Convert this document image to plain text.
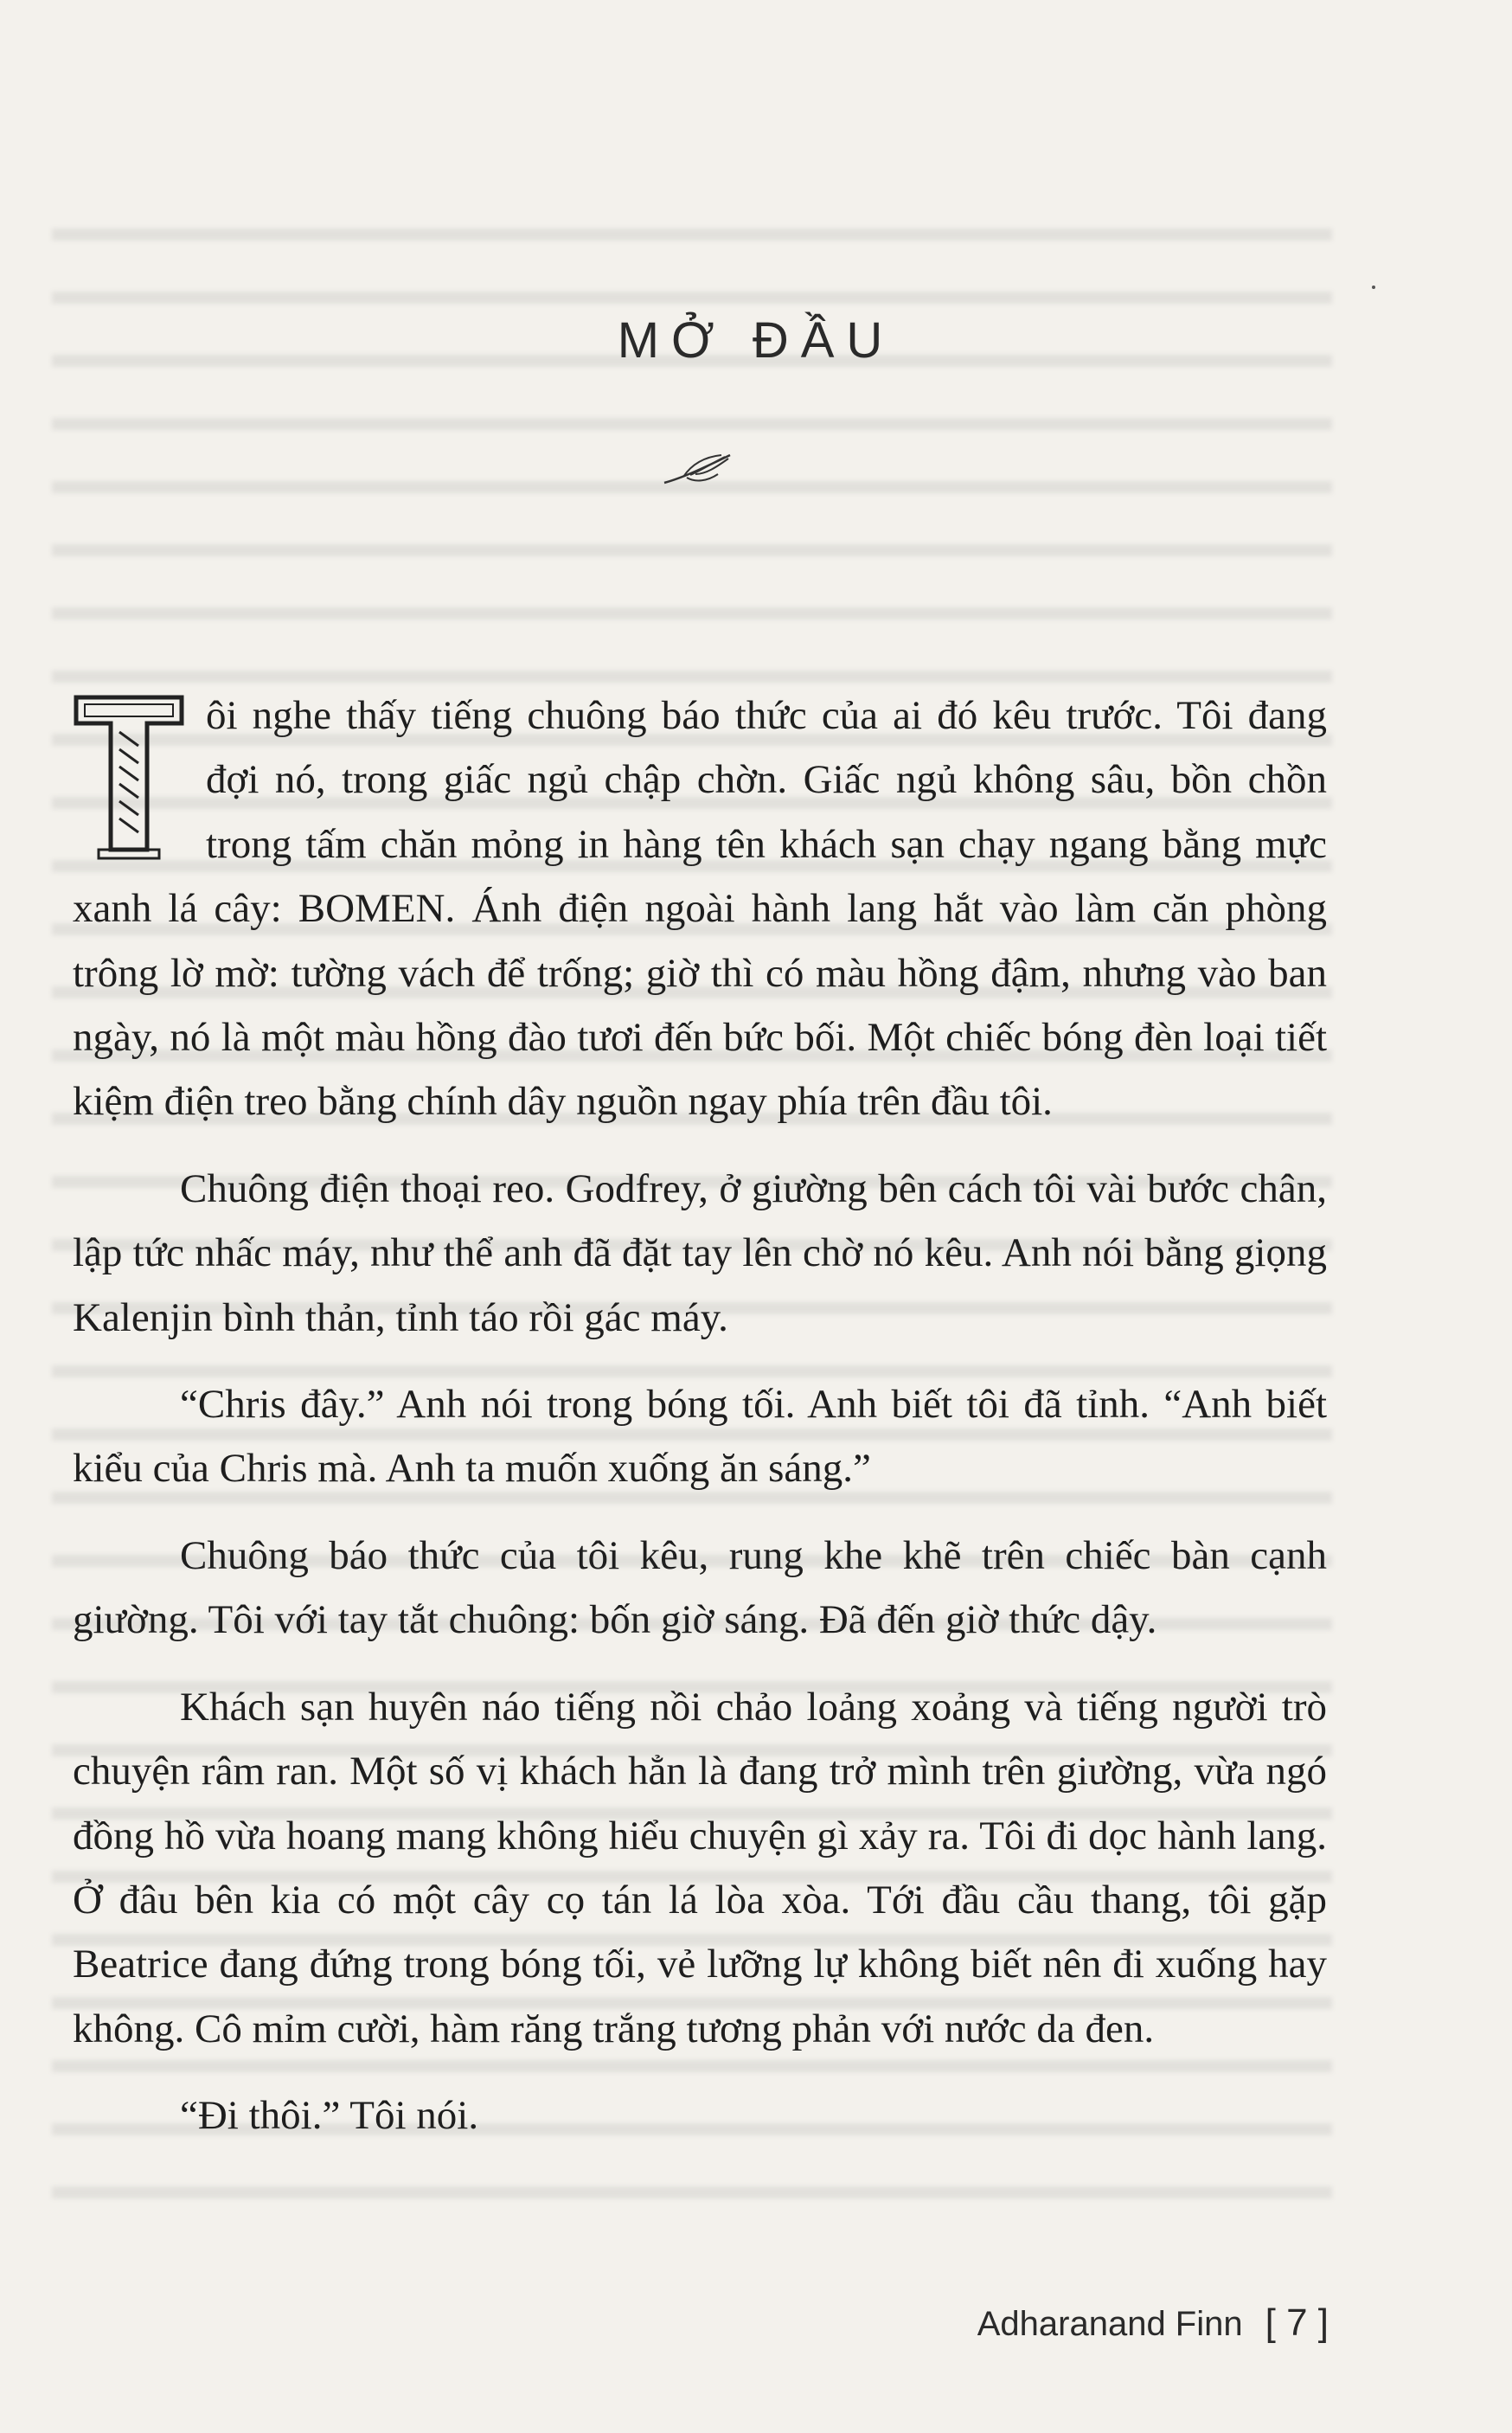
MỞ ĐẦU

ôi nghe thấy tiếng chuông báo thức của ai đó kêu trước. Tôi đang đợi nó, trong giấc ngủ chập chờn. Giấc ngủ không sâu, bồn chồn trong tấm chăn mỏng in hàng tên khách sạn chạy ngang bằng mực xanh lá cây: BOMEN. Ánh điện ngoài hành lang hắt vào làm căn phòng trông lờ mờ: tường vách để trống; giờ thì có màu hồng đậm, nhưng vào ban ngày, nó là một màu hồng đào tươi đến bức bối. Một chiếc bóng đèn loại tiết kiệm điện treo bằng chính dây nguồn ngay phía trên đầu tôi.

Chuông điện thoại reo. Godfrey, ở giường bên cách tôi vài bước chân, lập tức nhấc máy, như thể anh đã đặt tay lên chờ nó kêu. Anh nói bằng giọng Kalenjin bình thản, tỉnh táo rồi gác máy.

“Chris đây.” Anh nói trong bóng tối. Anh biết tôi đã tỉnh. “Anh biết kiểu của Chris mà. Anh ta muốn xuống ăn sáng.”

Chuông báo thức của tôi kêu, rung khe khẽ trên chiếc bàn cạnh giường. Tôi với tay tắt chuông: bốn giờ sáng. Đã đến giờ thức dậy.

Khách sạn huyên náo tiếng nồi chảo loảng xoảng và tiếng người trò chuyện râm ran. Một số vị khách hẳn là đang trở mình trên giường, vừa ngó đồng hồ vừa hoang mang không hiểu chuyện gì xảy ra. Tôi đi dọc hành lang. Ở đâu bên kia có một cây cọ tán lá lòa xòa. Tới đầu cầu thang, tôi gặp Beatrice đang đứng trong bóng tối, vẻ lưỡng lự không biết nên đi xuống hay không. Cô mỉm cười, hàm răng trắng tương phản với nước da đen.

“Đi thôi.” Tôi nói.

Adharanand Finn [ 7 ]
